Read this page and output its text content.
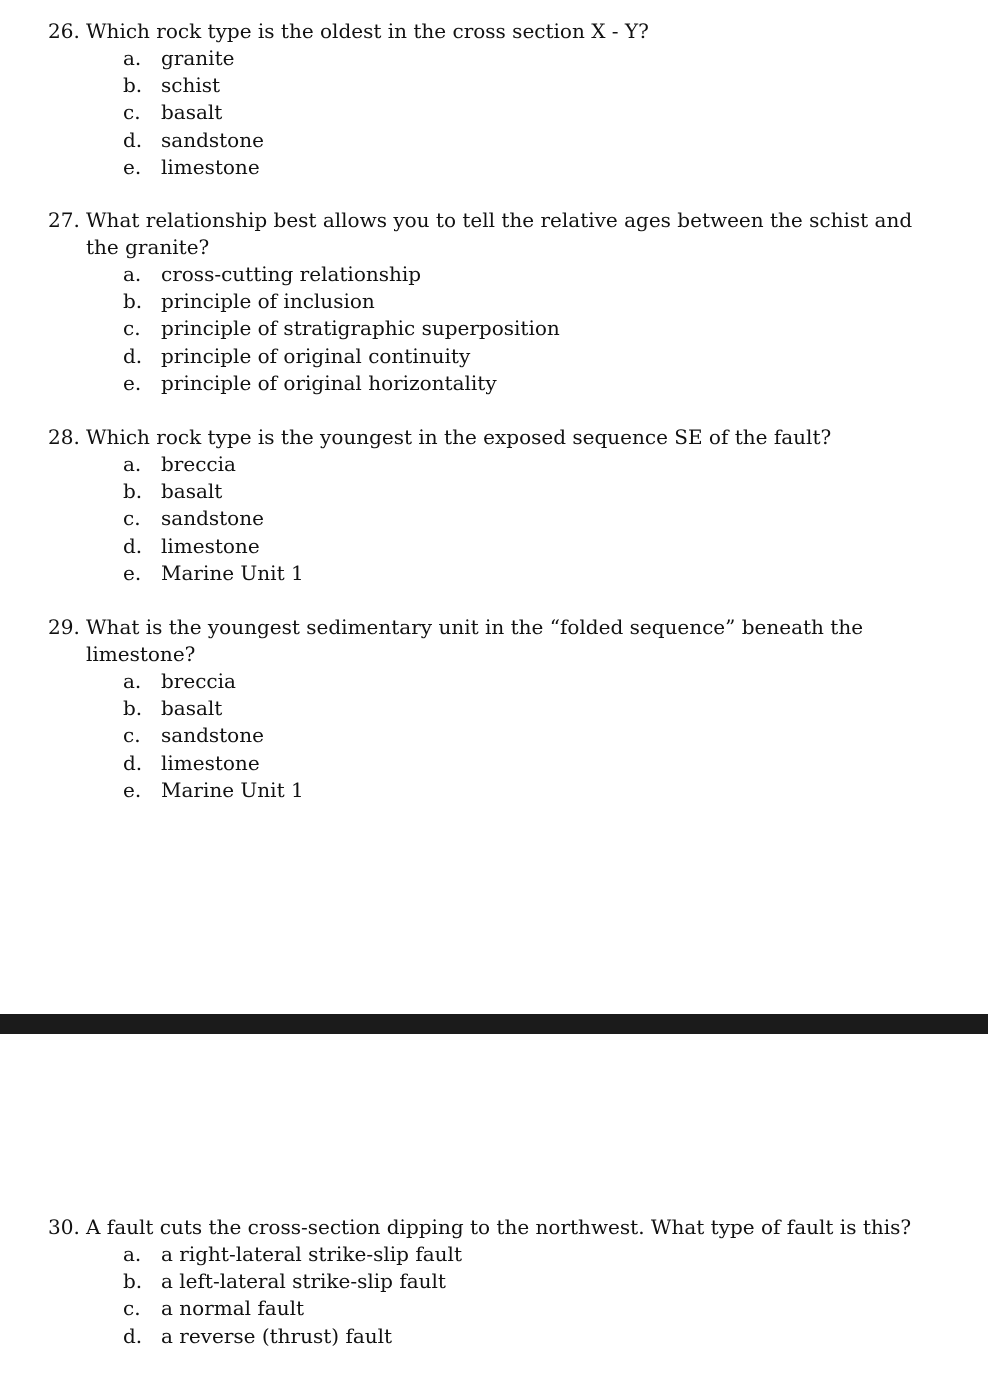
26. Which rock type is the oldest in the cross section X - Y?
a. granite
b. schist
c.	basalt
d. sandstone
e. limestone
27. What relationship best allows you to tell the relative ages between the schist and the granite?
a. cross-cutting relationship
b. principle of inclusion
c.	principle of stratigraphic superposition
d. principle of original continuity
e. principle of original horizontality
28. Which rock type is the youngest in the exposed sequence SE of the fault?
a. breccia
b. basalt
c.	sandstone
d. limestone
e. Marine Unit 1
29. What is the youngest sedimentary unit in the “folded sequence” beneath the limestone?
a. breccia
b. basalt
c.	sandstone
d. limestone
e. Marine Unit 1
30. A fault cuts the cross-section dipping to the northwest. What type of fault is this?
a. a right-lateral strike-slip fault
b. a left-lateral strike-slip fault
c.	a normal fault
d. a reverse (thrust) fault
